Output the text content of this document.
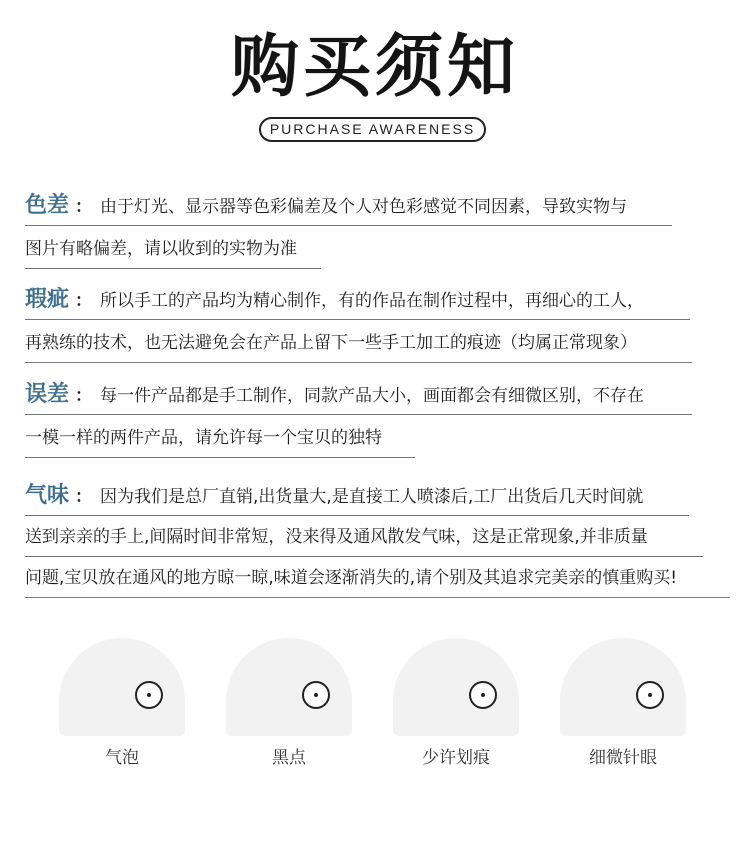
购买须知
PURCHASE AWARENESS
色差 ： 由于灯光、显示器等色彩偏差及个人对色彩感觉不同因素，导致实物与
图片有略偏差，请以收到的实物为准
瑕疵 ： 所以手工的产品均为精心制作，有的作品在制作过程中，再细心的工人，
再熟练的技术，也无法避免会在产品上留下一些手工加工的痕迹（均属正常现象）
误差 ： 每一件产品都是手工制作，同款产品大小，画面都会有细微区别，不存在
一模一样的两件产品，请允许每一个宝贝的独特
气味 ： 因为我们是总厂直销,出货量大,是直接工人喷漆后,工厂出货后几天时间就
送到亲亲的手上,间隔时间非常短，没来得及通风散发气味，这是正常现象,并非质量
问题,宝贝放在通风的地方晾一晾,味道会逐渐消失的,请个别及其追求完美亲的慎重购买!
气泡	黑点	少许划痕	细微针眼
